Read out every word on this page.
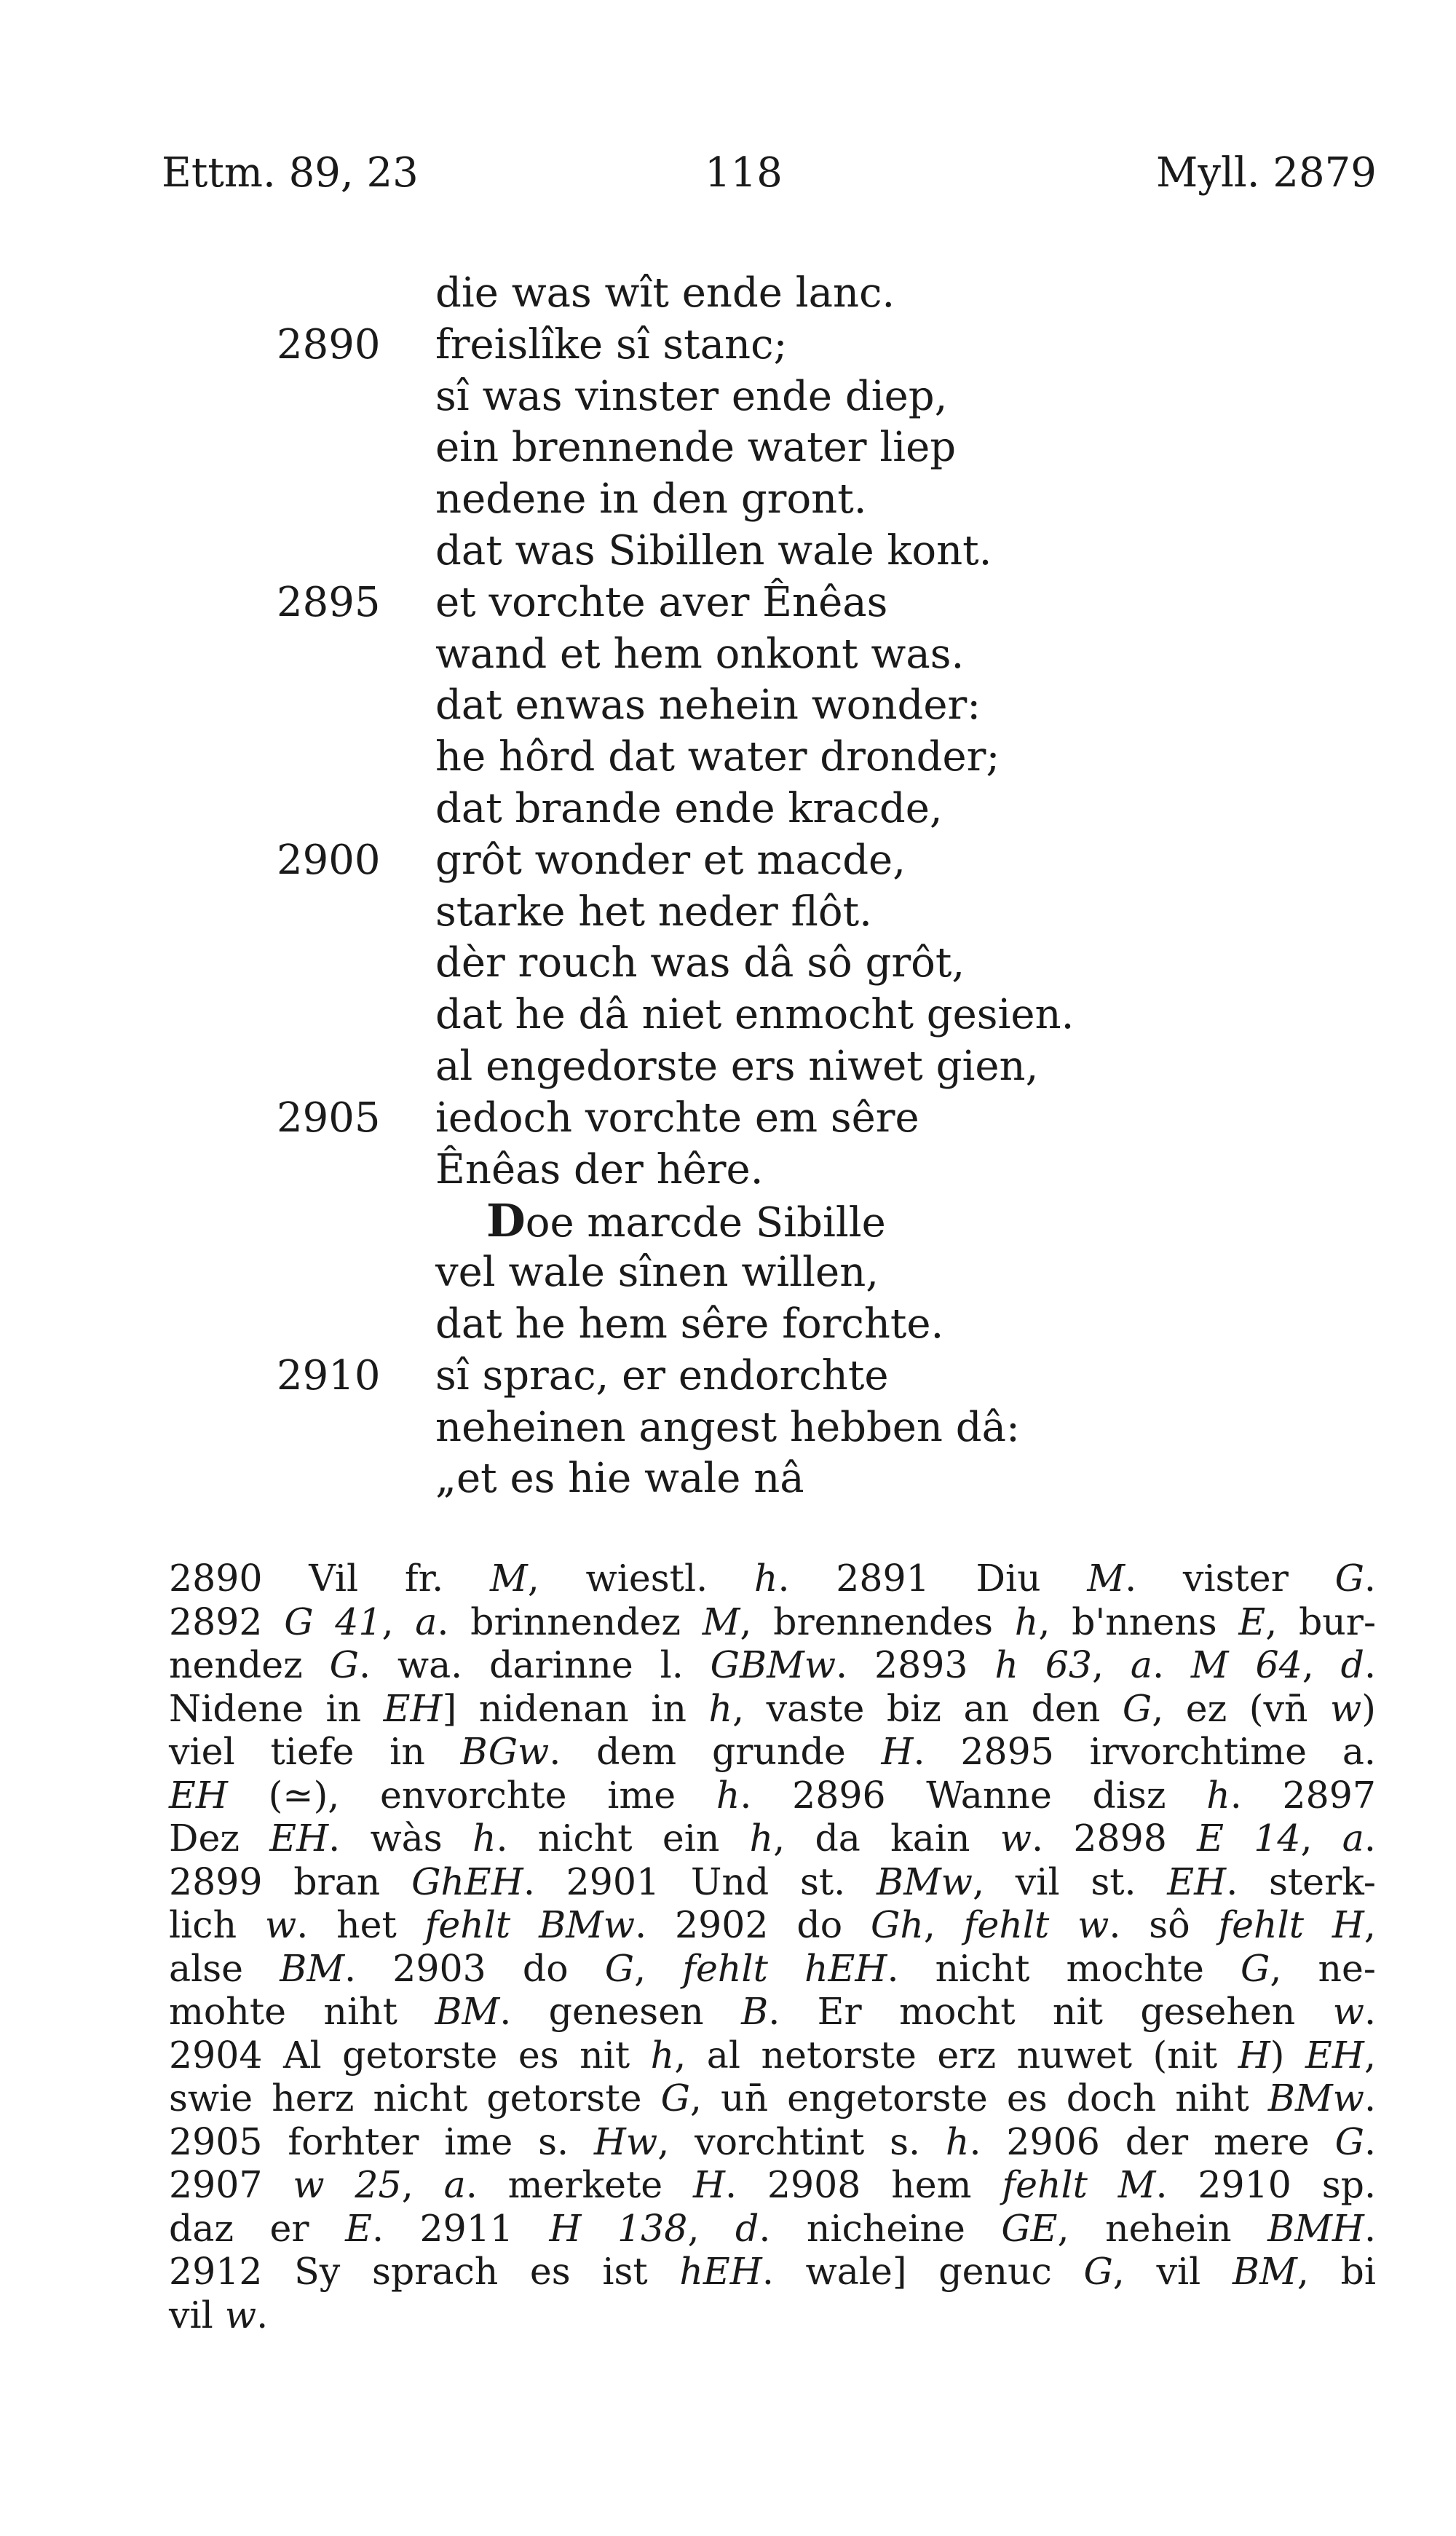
Ettm. 89, 23	118	Myll. 2879
die was wît ende lanc.
2890 freislîke sî stanc;
sî was vinster ende diep,
ein brennende water liep
nedene in den gront.
dat was Sibillen wale kont.
2895 et vorchte aver Ênêas
wand et hem onkont was.
dat enwas nehein wonder:
he hôrd dat water dronder;
dat brande ende kracde,
2900 grôt wonder et macde,
starke het neder flôt.
dèr rouch was dâ sô grôt,
dat he dâ niet enmocht gesien.
al engedorste ers niwet gien,
2905 iedoch vorchte em sêre
Ênêas der hêre.
Doe marcde Sibille
vel wale sînen willen,
dat he hem sêre forchte.
2910 sî sprac, er endorchte
neheinen angest hebben dâ:
„et es hie wale nâ
2890 Vil fr. M, wiestl. h. 2891 Diu M. vister G.
2892 G 41, a. brinnendez M, brennendes h, b'nnens E, bur-
nendez G. wa. darinne l. GBMw. 2893 h 63, a. M 64, d.
Nidene in EH] nidenan in h, vaste biz an den G, ez (vn̄ w)
viel tiefe in BGw. dem grunde H. 2895 irvorchtime a.
EH (≃), envorchte ime h. 2896 Wanne disz h. 2897
Dez EH. wàs h. nicht ein h, da kain w. 2898 E 14, a.
2899 bran GhEH. 2901 Und st. BMw, vil st. EH. sterk-
lich w. het fehlt BMw. 2902 do Gh, fehlt w. sô fehlt H,
alse BM. 2903 do G, fehlt hEH. nicht mochte G, ne-
mohte niht BM. genesen B. Er mocht nit gesehen w.
2904 Al getorste es nit h, al netorste erz nuwet (nit H) EH,
swie herz nicht getorste G, un̄ engetorste es doch niht BMw.
2905 forhter ime s. Hw, vorchtint s. h. 2906 der mere G.
2907 w 25, a. merkete H. 2908 hem fehlt M. 2910 sp.
daz er E. 2911 H 138, d. nicheine GE, nehein BMH.
2912 Sy sprach es ist hEH. wale] genuc G, vil BM, bi
vil w.
